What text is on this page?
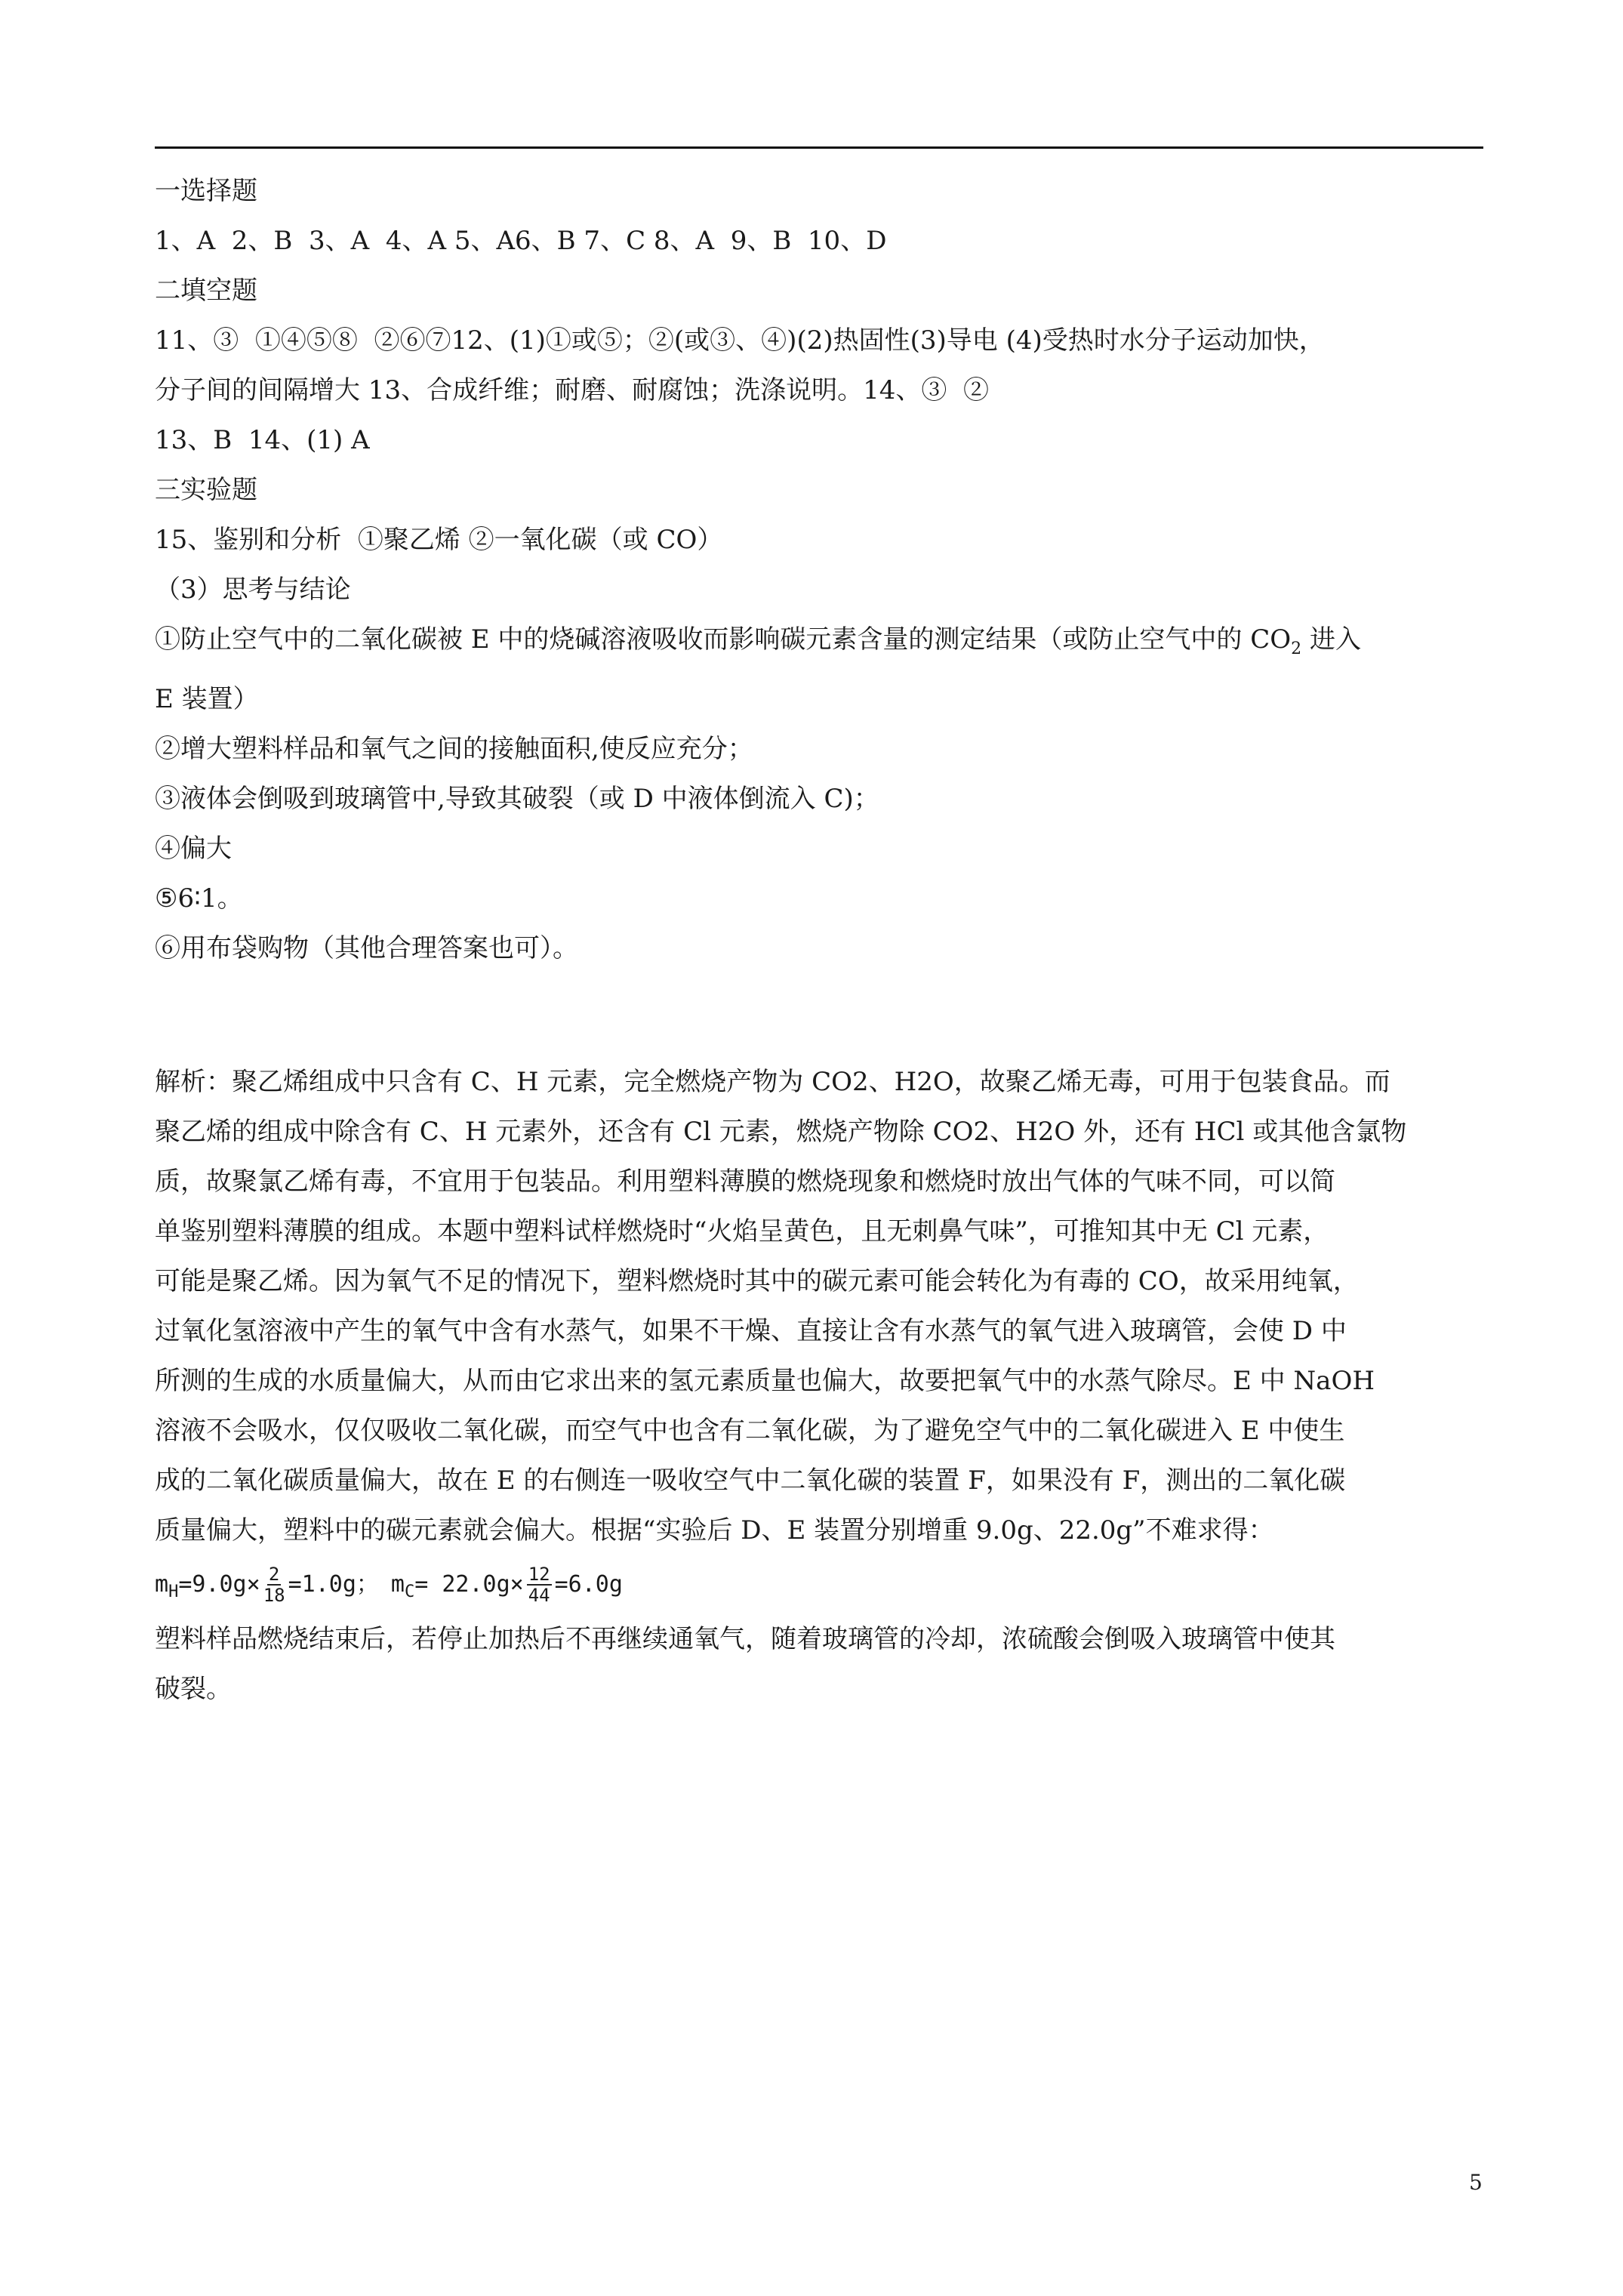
一选择题
1、A  2、B  3、A  4、A 5、A6、B 7、C 8、A  9、B  10、D
二填空题
11、③  ①④⑤⑧  ②⑥⑦12、(1)①或⑤；②(或③、④)(2)热固性(3)导电 (4)受热时水分子运动加快，
分子间的间隔增大 13、合成纤维；耐磨、耐腐蚀；洗涤说明。14、③  ②
13、B  14、(1) A
三实验题
15、鉴别和分析  ①聚乙烯 ②一氧化碳（或 CO）
（3）思考与结论
①防止空气中的二氧化碳被 E 中的烧碱溶液吸收而影响碳元素含量的测定结果（或防止空气中的 $CO_2$ 进入
E 装置）
②增大塑料样品和氧气之间的接触面积,使反应充分；
③液体会倒吸到玻璃管中,导致其破裂（或 D 中液体倒流入 C)；
④偏大
⑤6∶1。
⑥用布袋购物（其他合理答案也可）。
解析：聚乙烯组成中只含有 C、H 元素，完全燃烧产物为 CO2、H2O，故聚乙烯无毒，可用于包装食品。而
聚乙烯的组成中除含有 C、H 元素外，还含有 Cl 元素，燃烧产物除 CO2、H2O 外，还有 HCl 或其他含氯物
质，故聚氯乙烯有毒，不宜用于包装品。利用塑料薄膜的燃烧现象和燃烧时放出气体的气味不同，可以简
单鉴别塑料薄膜的组成。本题中塑料试样燃烧时“火焰呈黄色，且无刺鼻气味”，可推知其中无 Cl 元素，
可能是聚乙烯。因为氧气不足的情况下，塑料燃烧时其中的碳元素可能会转化为有毒的 CO，故采用纯氧，
过氧化氢溶液中产生的氧气中含有水蒸气，如果不干燥、直接让含有水蒸气的氧气进入玻璃管，会使 D 中
所测的生成的水质量偏大，从而由它求出来的氢元素质量也偏大，故要把氧气中的水蒸气除尽。E 中 NaOH
溶液不会吸水，仅仅吸收二氧化碳，而空气中也含有二氧化碳，为了避免空气中的二氧化碳进入 E 中使生
成的二氧化碳质量偏大，故在 E 的右侧连一吸收空气中二氧化碳的装置 F，如果没有 F，测出的二氧化碳
质量偏大，塑料中的碳元素就会偏大。根据“实验后 D、E 装置分别增重 9.0g、22.0g”不难求得：
m $H =9.0g\times \frac{2}{18} =1.0g$； m $C = 22.0g\times \frac{12}{44} =6.0g$
塑料样品燃烧结束后，若停止加热后不再继续通氧气，随着玻璃管的冷却，浓硫酸会倒吸入玻璃管中使其
破裂。
5
